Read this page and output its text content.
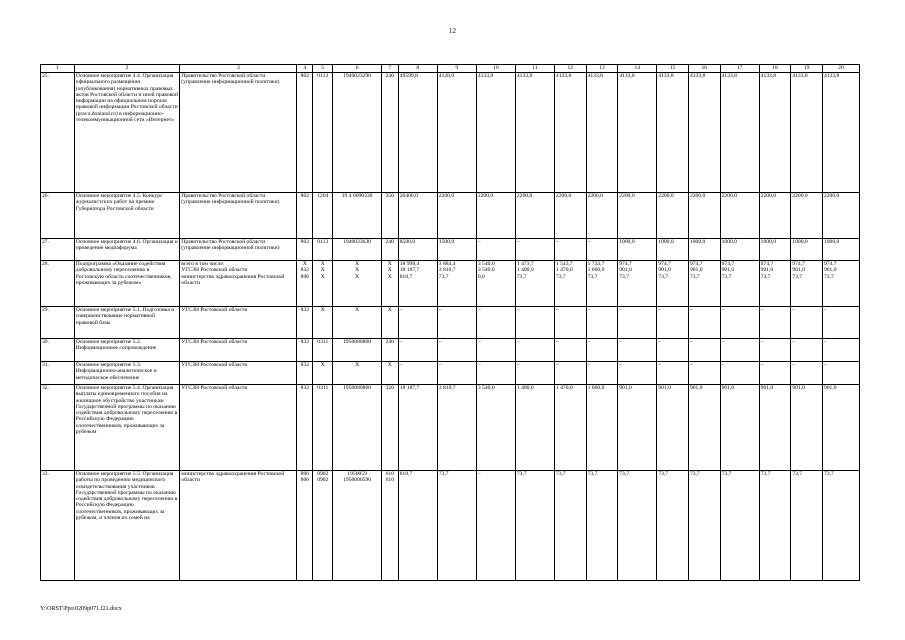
12
1	2	3	4	5	6	7	8	9	10	11	12	13	14	15	16	17	18	19	20
25.	Основное мероприятие 4.4. Организация официального размещения (опубликования) нормативных правовых актов Ростовской области и иной правовой информации на официальном портале правовой информации Ростовской области (pravo.donland.ru) в информационно-телекоммуникационной сети «Интернет»	Правительство Ростовской области (управление информационной политики)	802	0113	1940023290	240	49599,8	4128,0	4133,8	4133,8	4133,8	4133,8	4133,8	4133,8	4133,8	4133,8	4133,8	4133,8	4133,8

26.	Основное мероприятие 4.5. Конкурс журналистских работ на премию Губернатора Ростовской области	Правительство Ростовской области (управление информационной политики)	802	1204	19 4 0090330	350	26400,0	2200,0	2200,0	2200,0	2200,0	2200,0	2200,0	2200,0	2200,0	2200,0	2200,0	2200,0	2200,0

27.	Основное мероприятие 4.6. Организация и проведение медиафорума	Правительство Ростовской области (управление информационной политики)	802	0113	1940023630	240	8500,0	1500,0	–	–	–	–	1000,0	1000,0	1000,0	1000,0	1000,0	1000,0	1000,0

28.	Подпрограмма «Оказание содействия добровольному переселению в Ростовскую область соотечественников, проживающих за рубежом»	всего в том числе:
УГСЗН Ростовской области
министерство здравоохранения Ростовской области	X
832
806	X
X
X	X
X
X	X
X
X	18 998,4
18 187,7
810,7	3 884,4
3 810,7
73,7	3 540,0
3 540,0
0,0	1 473,7
1 400,0
73,7	1 543,7
1 470,0
73,7	1 733,7
1 660,0
73,7	974,7
901,0
73,7	974,7
901,0
73,7	974,7
901,0
73,7	974,7
901,0
73,7	974,7
901,0
73,7	974,7
901,0
73,7	974,7
901,0
73,7

29.	Основное мероприятие 5.1. Подготовка и совершенствование нормативной правовой базы	УГСЗН Ростовской области	832	X	X	X	–	–	–	–	–	–	–	–	–	–	–	–	–

30.	Основное мероприятие 5.2. Информационное сопровождение	УГСЗН Ростовской области	832	0311	1950080860	240	–	–	–	–	–	–	–	–	–	–	–	–	–

31.	Основное мероприятие 5.3. Информационно-аналитическое и методическое обеспечение	УГСЗН Ростовской области	832	X	X	X	–	–	–	–	–	–	–	–	–	–	–	–	–

32.	Основное мероприятие 5.4. Организация выплаты единовременного пособия на жилищное обустройство участникам Государственной программы по оказанию содействия добровольному переселению в Российскую Федерацию соотечественников, проживающих за рубежом	УГСЗН Ростовской области	832	0311	1950080860	320	18 187,7	3 810,7	3 540,0	1 400,0	1 470,0	1 660,0	901,0	901,0	901,0	901,0	901,0	901,0	901,0

33.	Основное мероприятие 5.5. Организация работы по проведению медицинского освидетельствования участников Государственной программы по оказанию содействия добровольному переселению в Российскую Федерацию соотечественников, проживающих за рубежом, и членов их семей на	министерство здравоохранения Ростовской области	806
806	0902
0902	1950059
1950000590	610
610	810,7	73,7	–	73,7	73,7	73,7	73,7	73,7	73,7	73,7	73,7	73,7	73,7
Y:\ORST\Ppo\0209p071.f21.docx
